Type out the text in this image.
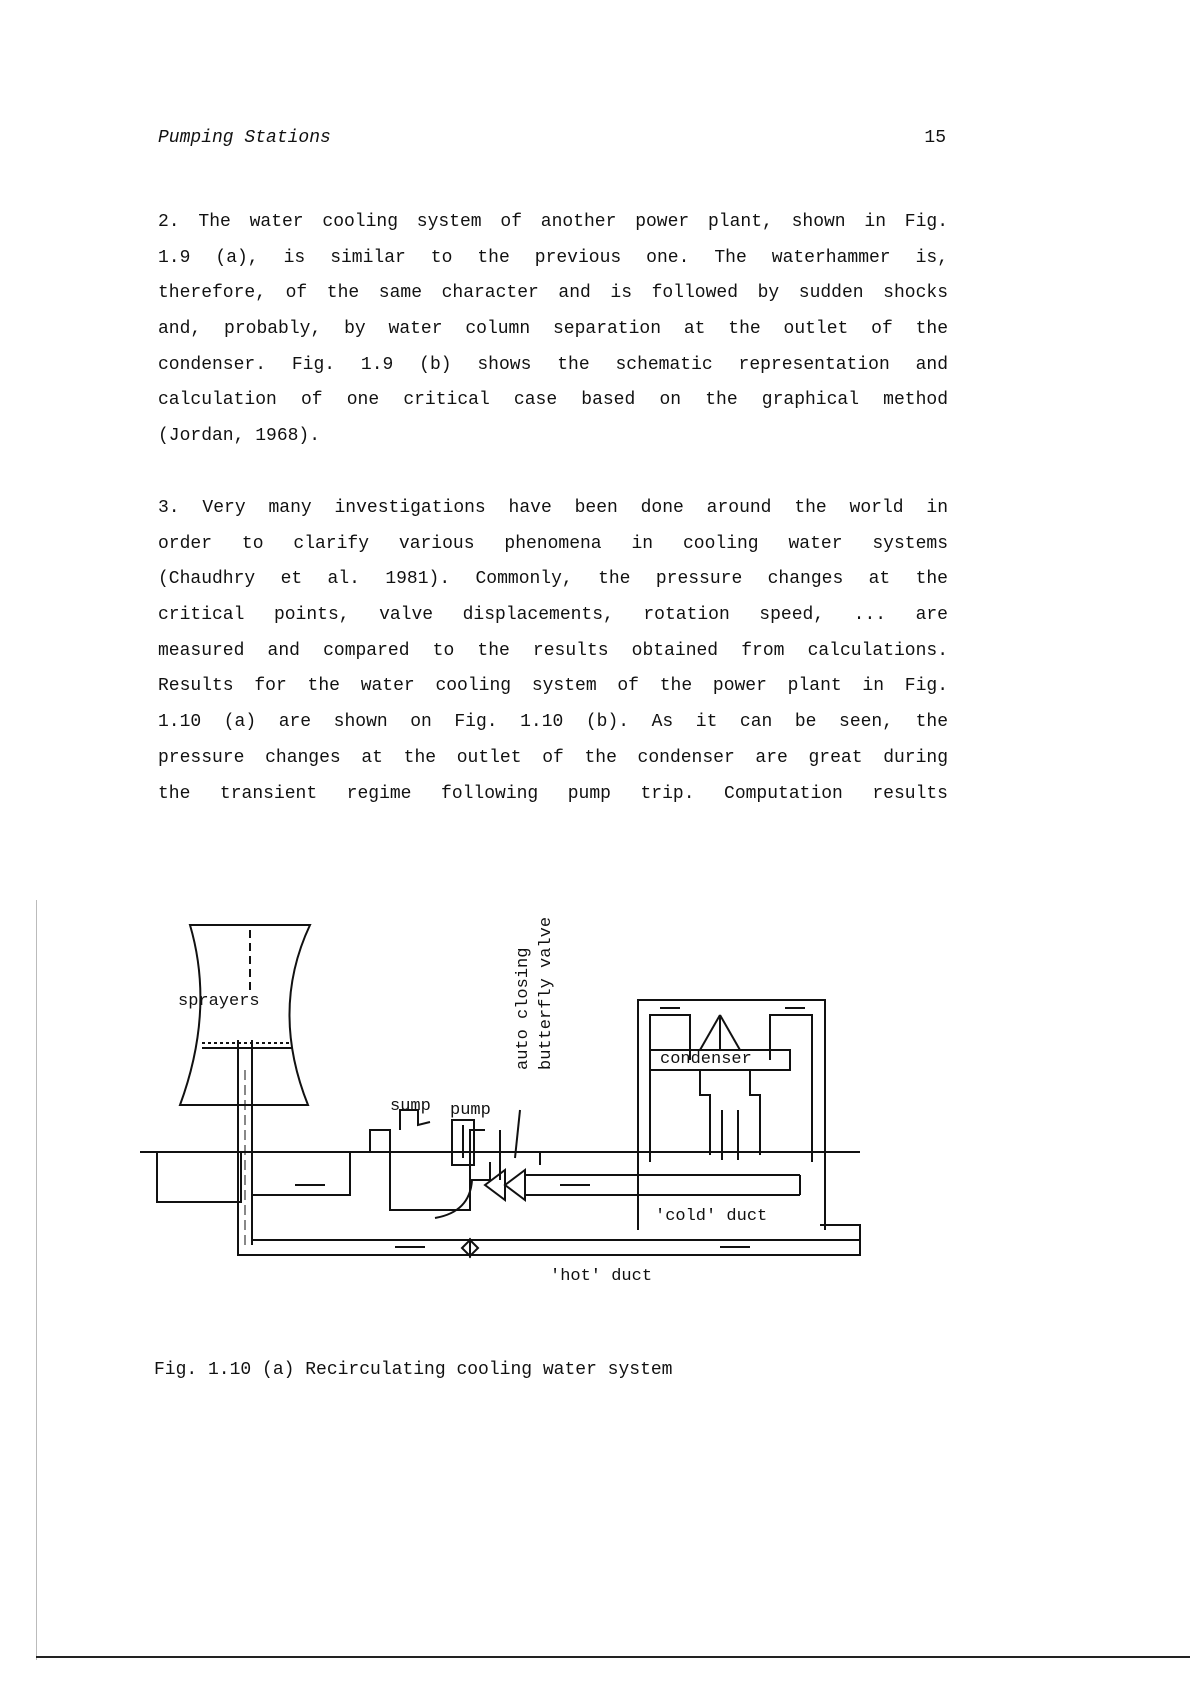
Pumping Stations	15
2. The water cooling system of another power plant, shown in Fig.
1.9 (a), is similar to the previous one. The waterhammer is,
therefore, of the same character and is followed by sudden shocks
and, probably, by water column separation at the outlet of the
condenser. Fig. 1.9 (b) shows the schematic representation and
calculation of one critical case based on the graphical method
(Jordan, 1968).
3. Very many investigations have been done around the world in
order to clarify various phenomena in cooling water systems
(Chaudhry et al. 1981). Commonly, the pressure changes at the
critical points, valve displacements, rotation speed, ... are
measured and compared to the results obtained from calculations.
Results for the water cooling system of the power plant in Fig.
1.10 (a) are shown on Fig. 1.10 (b). As it can be seen, the
pressure changes at the outlet of the condenser are great during
the transient regime following pump trip. Computation results
sprayers
sump pump
auto closing butterfly valve	condenser
'cold' duct
'hot' duct
Fig. 1.10 (a) Recirculating cooling water system
